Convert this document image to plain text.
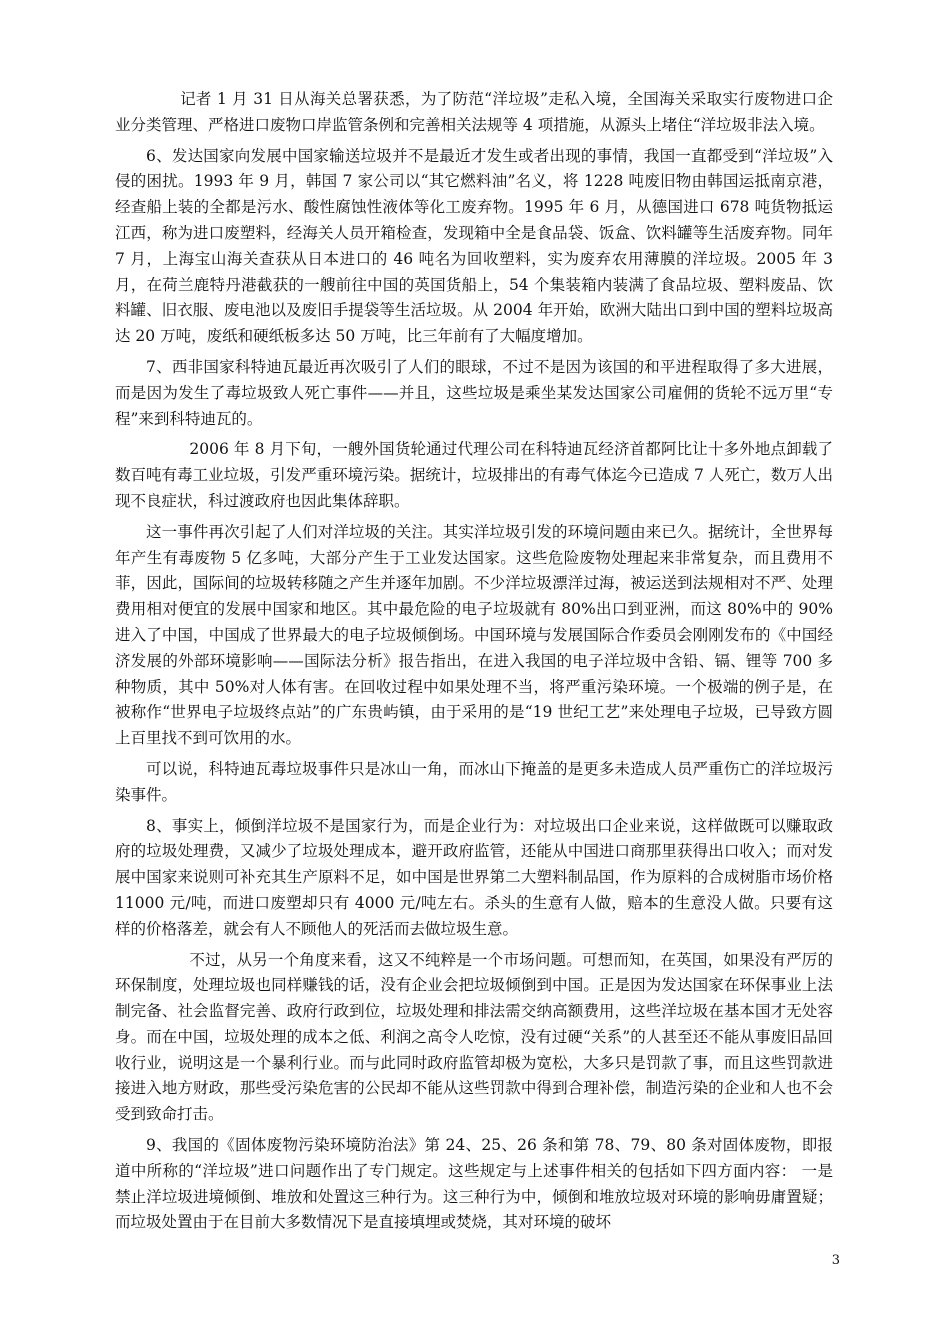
记者 1 月 31 日从海关总署获悉，为了防范“洋垃圾”走私入境，全国海关采取实行废物进口企业分类管理、严格进口废物口岸监管条例和完善相关法规等 4 项措施，从源头上堵住“洋垃圾非法入境。

6、发达国家向发展中国家输送垃圾并不是最近才发生或者出现的事情，我国一直都受到“洋垃圾”入侵的困扰。1993 年 9 月，韩国 7 家公司以“其它燃料油”名义，将 1228 吨废旧物由韩国运抵南京港，经查船上装的全都是污水、酸性腐蚀性液体等化工废弃物。1995 年 6 月，从德国进口 678 吨货物抵运江西，称为进口废塑料，经海关人员开箱检查，发现箱中全是食品袋、饭盒、饮料罐等生活废弃物。同年 7 月，上海宝山海关查获从日本进口的 46 吨名为回收塑料，实为废弃农用薄膜的洋垃圾。2005 年 3 月，在荷兰鹿特丹港截获的一艘前往中国的英国货船上，54 个集装箱内装满了食品垃圾、塑料废品、饮料罐、旧衣服、废电池以及废旧手提袋等生活垃圾。从 2004 年开始，欧洲大陆出口到中国的塑料垃圾高达 20 万吨，废纸和硬纸板多达 50 万吨，比三年前有了大幅度增加。

7、西非国家科特迪瓦最近再次吸引了人们的眼球，不过不是因为该国的和平进程取得了多大进展，而是因为发生了毒垃圾致人死亡事件——并且，这些垃圾是乘坐某发达国家公司雇佣的货轮不远万里“专程”来到科特迪瓦的。

2006 年 8 月下旬，一艘外国货轮通过代理公司在科特迪瓦经济首都阿比让十多外地点卸载了数百吨有毒工业垃圾，引发严重环境污染。据统计，垃圾排出的有毒气体迄今已造成 7 人死亡，数万人出现不良症状，科过渡政府也因此集体辞职。

这一事件再次引起了人们对洋垃圾的关注。其实洋垃圾引发的环境问题由来已久。据统计，全世界每年产生有毒废物 5 亿多吨，大部分产生于工业发达国家。这些危险废物处理起来非常复杂，而且费用不菲，因此，国际间的垃圾转移随之产生并逐年加剧。不少洋垃圾漂洋过海，被运送到法规相对不严、处理费用相对便宜的发展中国家和地区。其中最危险的电子垃圾就有 80%出口到亚洲，而这 80%中的 90%进入了中国，中国成了世界最大的电子垃圾倾倒场。中国环境与发展国际合作委员会刚刚发布的《中国经济发展的外部环境影响——国际法分析》报告指出，在进入我国的电子洋垃圾中含铅、镉、锂等 700 多种物质，其中 50%对人体有害。在回收过程中如果处理不当，将严重污染环境。一个极端的例子是，在被称作“世界电子垃圾终点站”的广东贵屿镇，由于采用的是“19 世纪工艺”来处理电子垃圾，已导致方圆上百里找不到可饮用的水。

可以说，科特迪瓦毒垃圾事件只是冰山一角，而冰山下掩盖的是更多未造成人员严重伤亡的洋垃圾污染事件。

8、事实上，倾倒洋垃圾不是国家行为，而是企业行为：对垃圾出口企业来说，这样做既可以赚取政府的垃圾处理费，又减少了垃圾处理成本，避开政府监管，还能从中国进口商那里获得出口收入；而对发展中国家来说则可补充其生产原料不足，如中国是世界第二大塑料制品国，作为原料的合成树脂市场价格 11000 元/吨，而进口废塑却只有 4000 元/吨左右。杀头的生意有人做，赔本的生意没人做。只要有这样的价格落差，就会有人不顾他人的死活而去做垃圾生意。

不过，从另一个角度来看，这又不纯粹是一个市场问题。可想而知，在英国，如果没有严厉的环保制度，处理垃圾也同样赚钱的话，没有企业会把垃圾倾倒到中国。正是因为发达国家在环保事业上法制完备、社会监督完善、政府行政到位，垃圾处理和排法需交纳高额费用，这些洋垃圾在基本国才无处容身。而在中国，垃圾处理的成本之低、利润之高令人吃惊，没有过硬“关系”的人甚至还不能从事废旧品回收行业，说明这是一个暴利行业。而与此同时政府监管却极为宽松，大多只是罚款了事，而且这些罚款进接进入地方财政，那些受污染危害的公民却不能从这些罚款中得到合理补偿，制造污染的企业和人也不会受到致命打击。

9、我国的《固体废物污染环境防治法》第 24、25、26 条和第 78、79、80 条对固体废物，即报道中所称的“洋垃圾”进口问题作出了专门规定。这些规定与上述事件相关的包括如下四方面内容： 一是禁止洋垃圾进境倾倒、堆放和处置这三种行为。这三种行为中，倾倒和堆放垃圾对环境的影响毋庸置疑；而垃圾处置由于在目前大多数情况下是直接填埋或焚烧，其对环境的破坏

3
